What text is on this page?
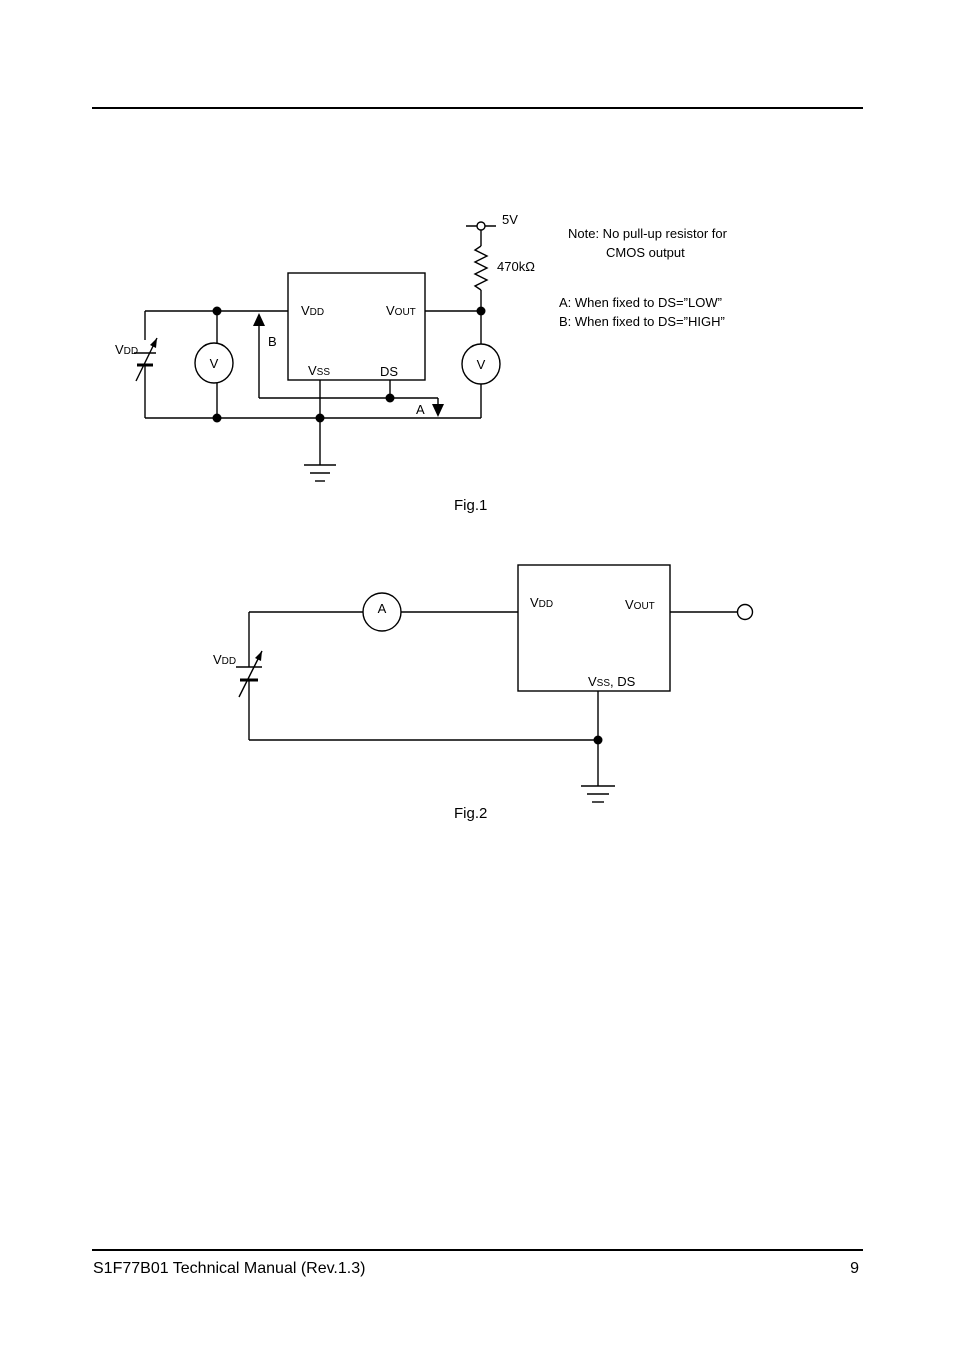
VDD	VOUT
VSS	DS
VDD
V
B
A
V
5V
470kΩ
Note: No pull-up resistor for
CMOS output
A: When fixed to DS=”LOW”
B: When fixed to DS=”HIGH”
Fig.1
VDD	VOUT
VSS, DS
A
VDD
Fig.2
S1F77B01 Technical Manual (Rev.1.3)	9
